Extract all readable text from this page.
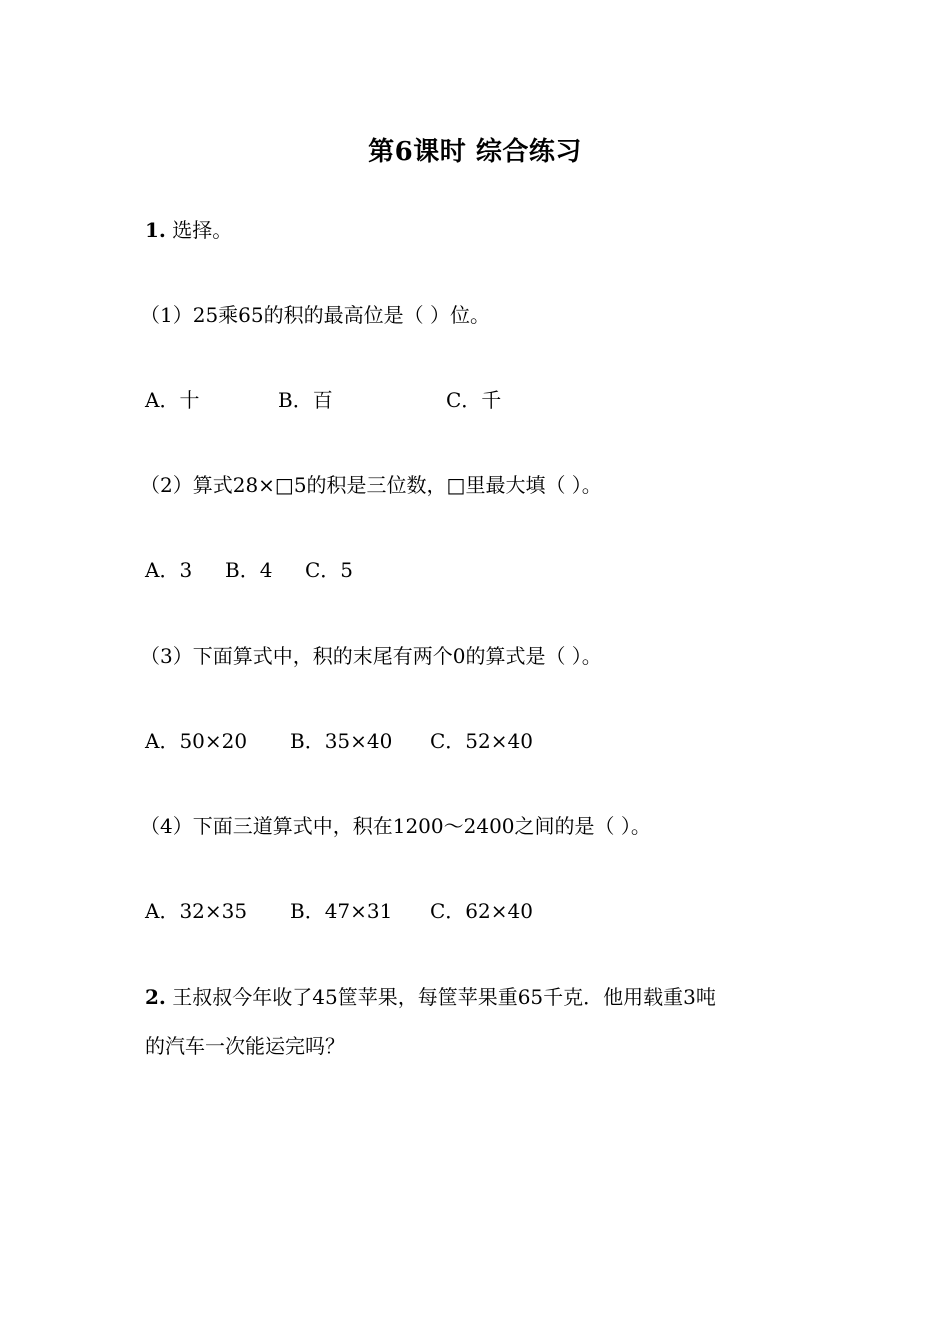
第6课时 综合练习
1. 选择。
（1）25乘65的积的最高位是（ ）位。
A．十	B．百	C．千
（2）算式28×□5的积是三位数，□里最大填（ ）。
A．3 B．4 C．5
（3）下面算式中，积的末尾有两个0的算式是（ ）。
A．50×20 B．35×40 C．52×40
（4）下面三道算式中，积在1200～2400之间的是（ ）。
A．32×35 B．47×31 C．62×40
2. 王叔叔今年收了45筐苹果，每筐苹果重65千克．他用载重3吨
的汽车一次能运完吗？
